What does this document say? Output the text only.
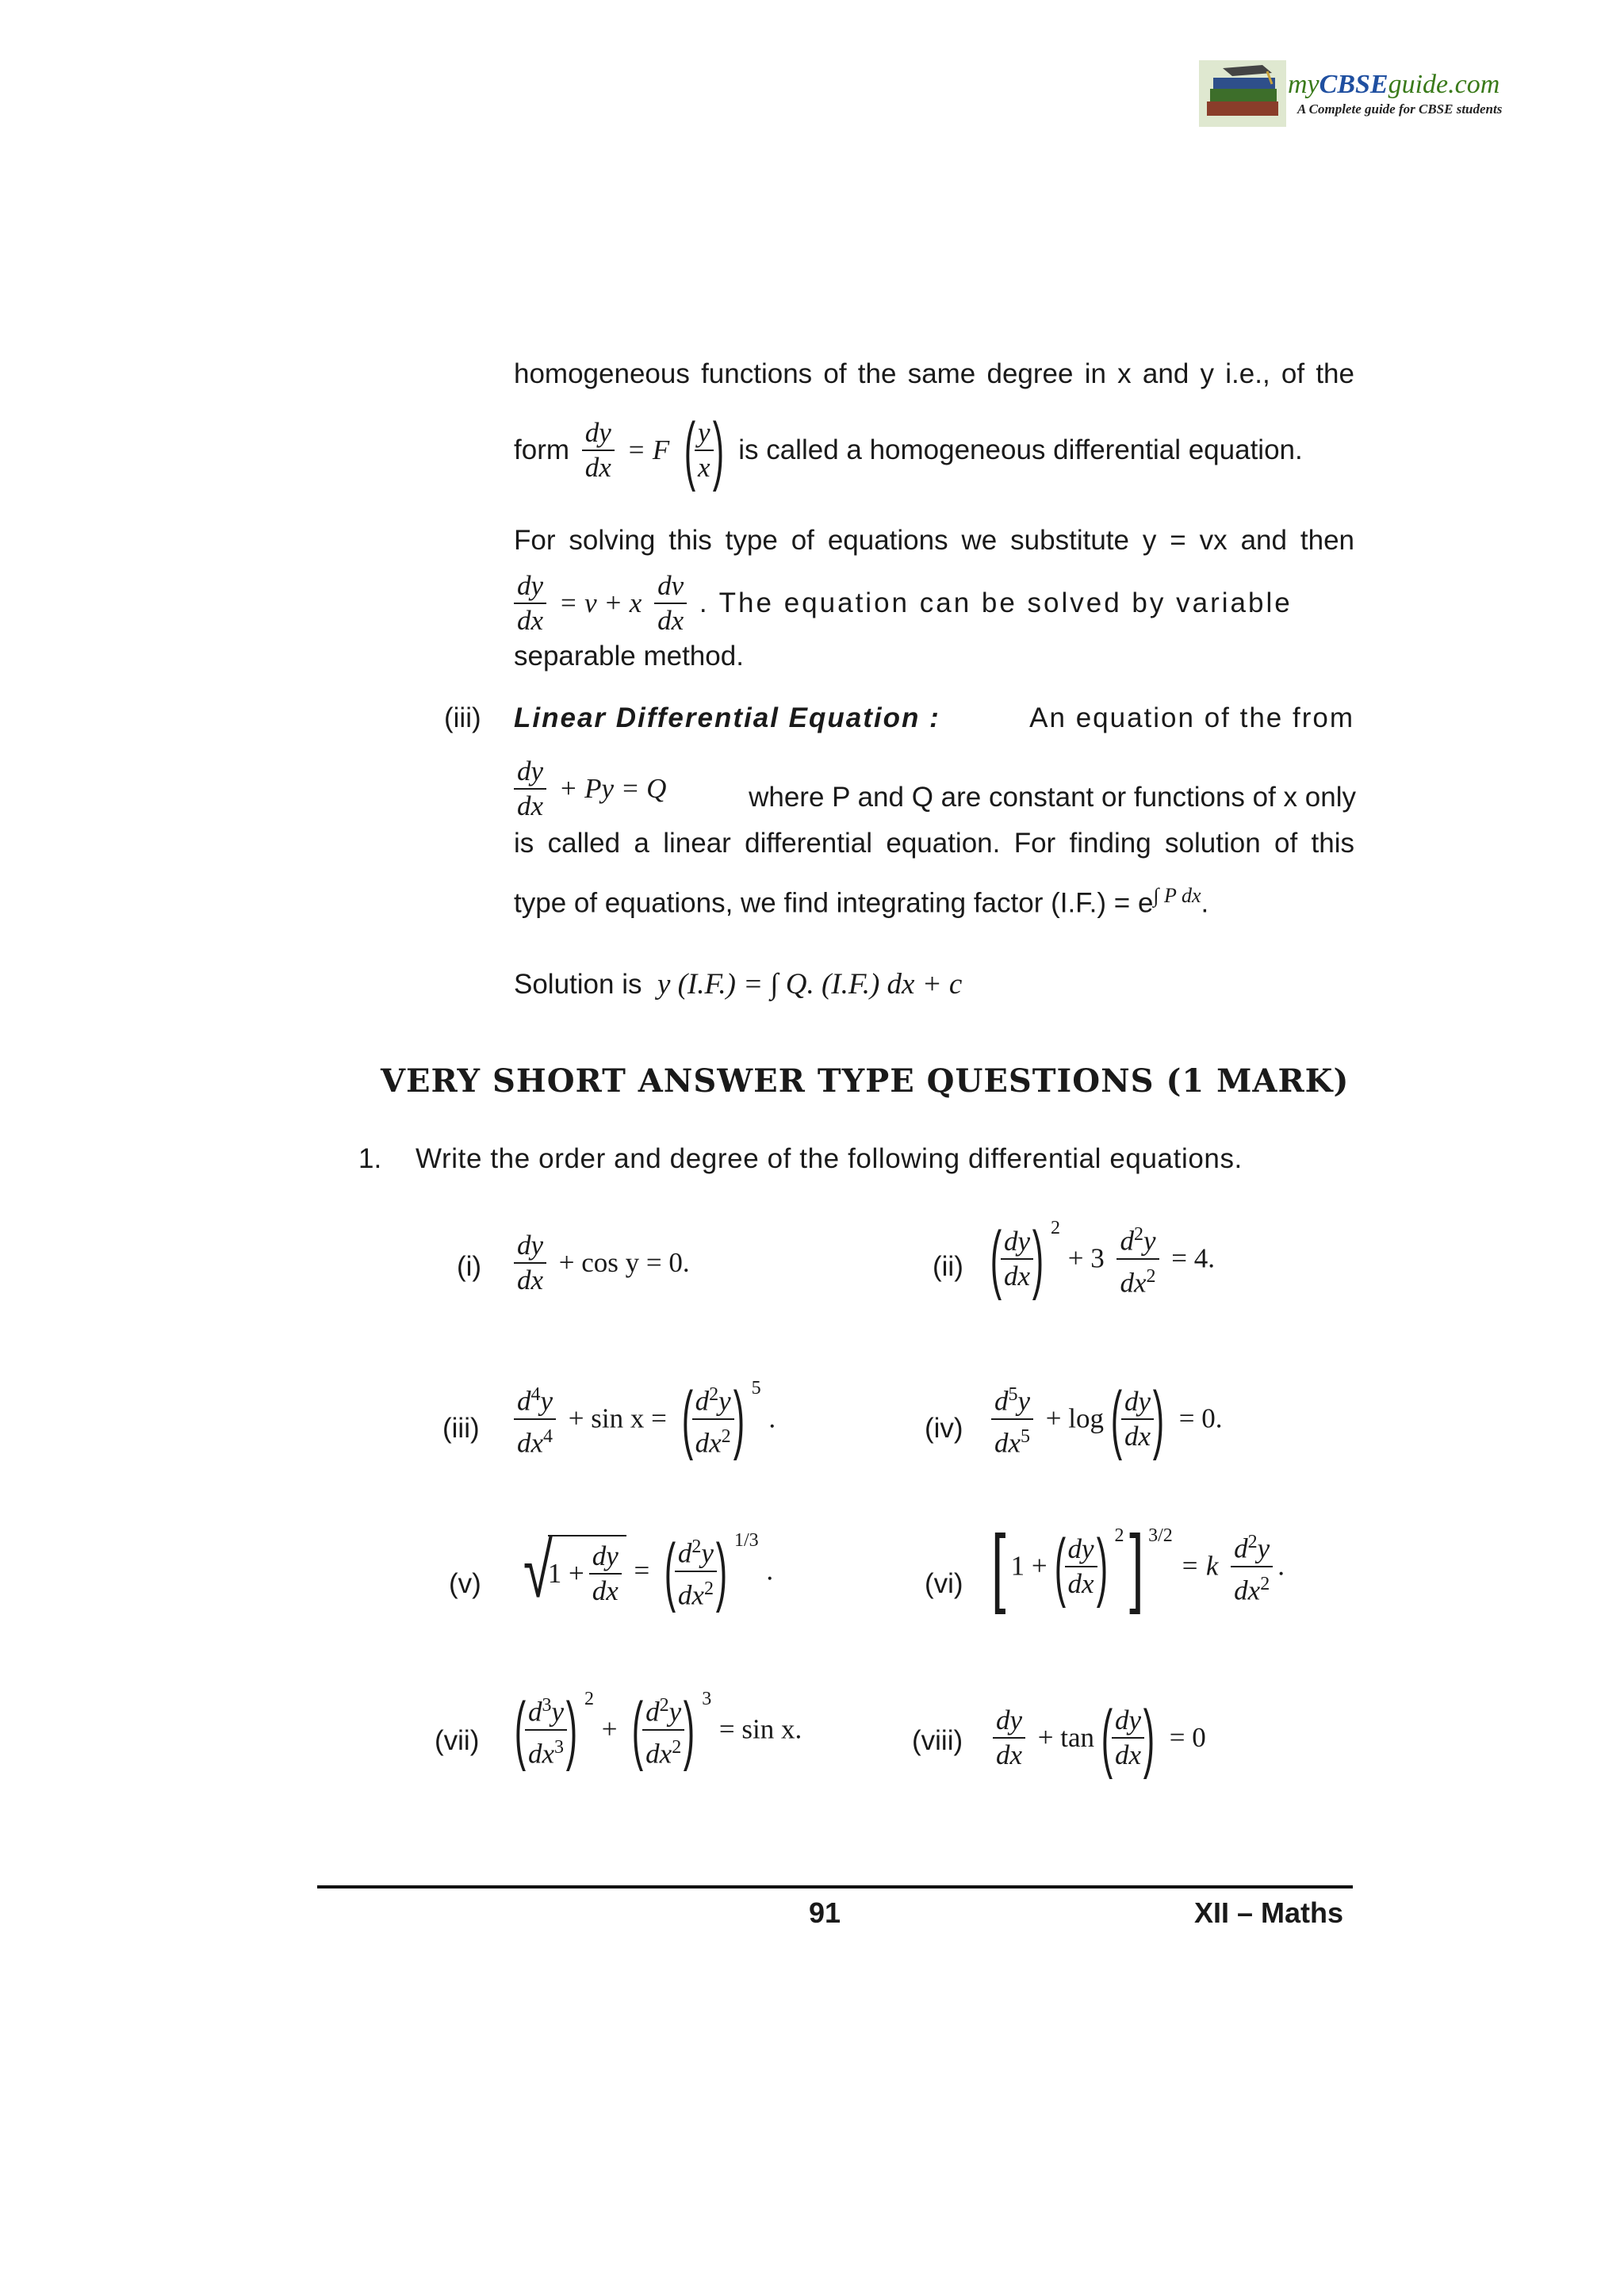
myCBSEguide.com
A Complete guide for CBSE students
homogeneous functions of the same degree in x and y i.e., of the
form $\frac{dy}{dx} = F$ (
$\frac{y}{x}$
) is called a homogeneous differential equation.
For solving this type of equations we substitute y = vx and then
$\frac{dy}{dx} = v + x \frac{dv}{dx}$ . The equation can be solved by variable
separable method.
(iii) Linear Differential Equation :	An equation of the from
$\frac{dy}{dx} + Py = Q$	where P and Q are constant or functions of x only
is called a linear differential equation. For finding solution of this
type of equations, we find integrating factor $(I.F.) = e^{\int P dx}$.
Solution is y (I.F.) = ∫ Q. (I.F.) dx + c
VERY SHORT ANSWER TYPE QUESTIONS (1 MARK)
1. Write the order and degree of the following differential equations.
$(i) \frac{dy}{dx} + \cos y = 0$.	(ii) (
$\frac{dy}{dx}$
) $^2 + 3 \frac{d^2y}{dx^2} = 4$.
$(iii) \frac{d^4y}{dx^4} + \sin x$ = (
$\frac{d^2y}{dx^2}$
) $^5$ .	$(iv) \frac{d^5y}{dx^5} + \log$(
$\frac{dy}{dx}$
) = 0.
(v) $√1 + \frac{dy}{dx}$ = (
$\frac{d^2y}{dx^2}$
) $^{1/3}$ .	(vi) [ 1 +(
$\frac{dy}{dx}$
) $^2$] $^{3/2}$ = k $\frac{d^2y}{dx^2}$ .
(vii) (
$\frac{d^3y}{dx^3}$
) $^2$ + (
$\frac{d^2y}{dx^2}$
) $^3$ = sin x.	(viii) $\frac{dy}{dx} + \tan$(
$\frac{dy}{dx}$
) = 0
91	XII – Maths
